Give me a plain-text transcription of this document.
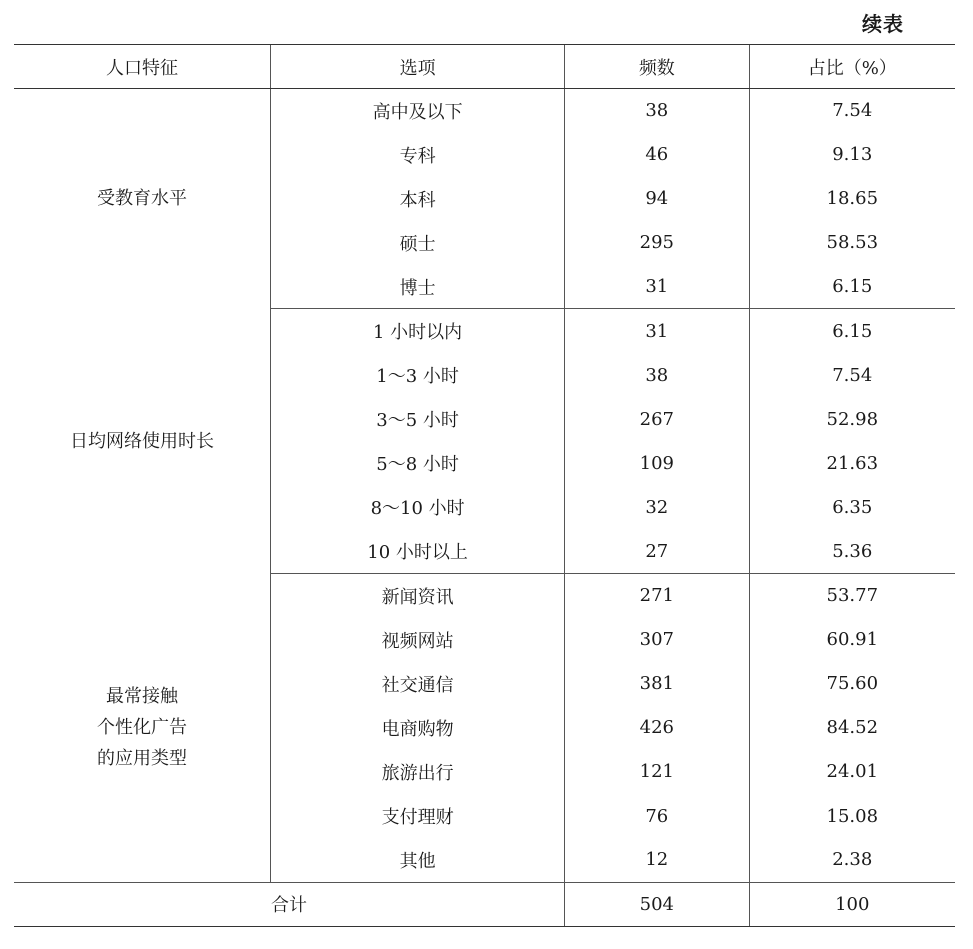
续表
人口特征	选项	频数	占比（%）

受教育水平	高中及以下	38	7.54
	专科	46	9.13
	本科	94	18.65
	硕士	295	58.53
	博士	31	6.15

日均网络使用时长	1 小时以内	31	6.15
	1～3 小时	38	7.54
	3～5 小时	267	52.98
	5～8 小时	109	21.63
	8～10 小时	32	6.35
	10 小时以上	27	5.36

最常接触
个性化广告
的应用类型	新闻资讯	271	53.77
	视频网站	307	60.91
	社交通信	381	75.60
	电商购物	426	84.52
	旅游出行	121	24.01
	支付理财	76	15.08
	其他	12	2.38
合计		504	100
